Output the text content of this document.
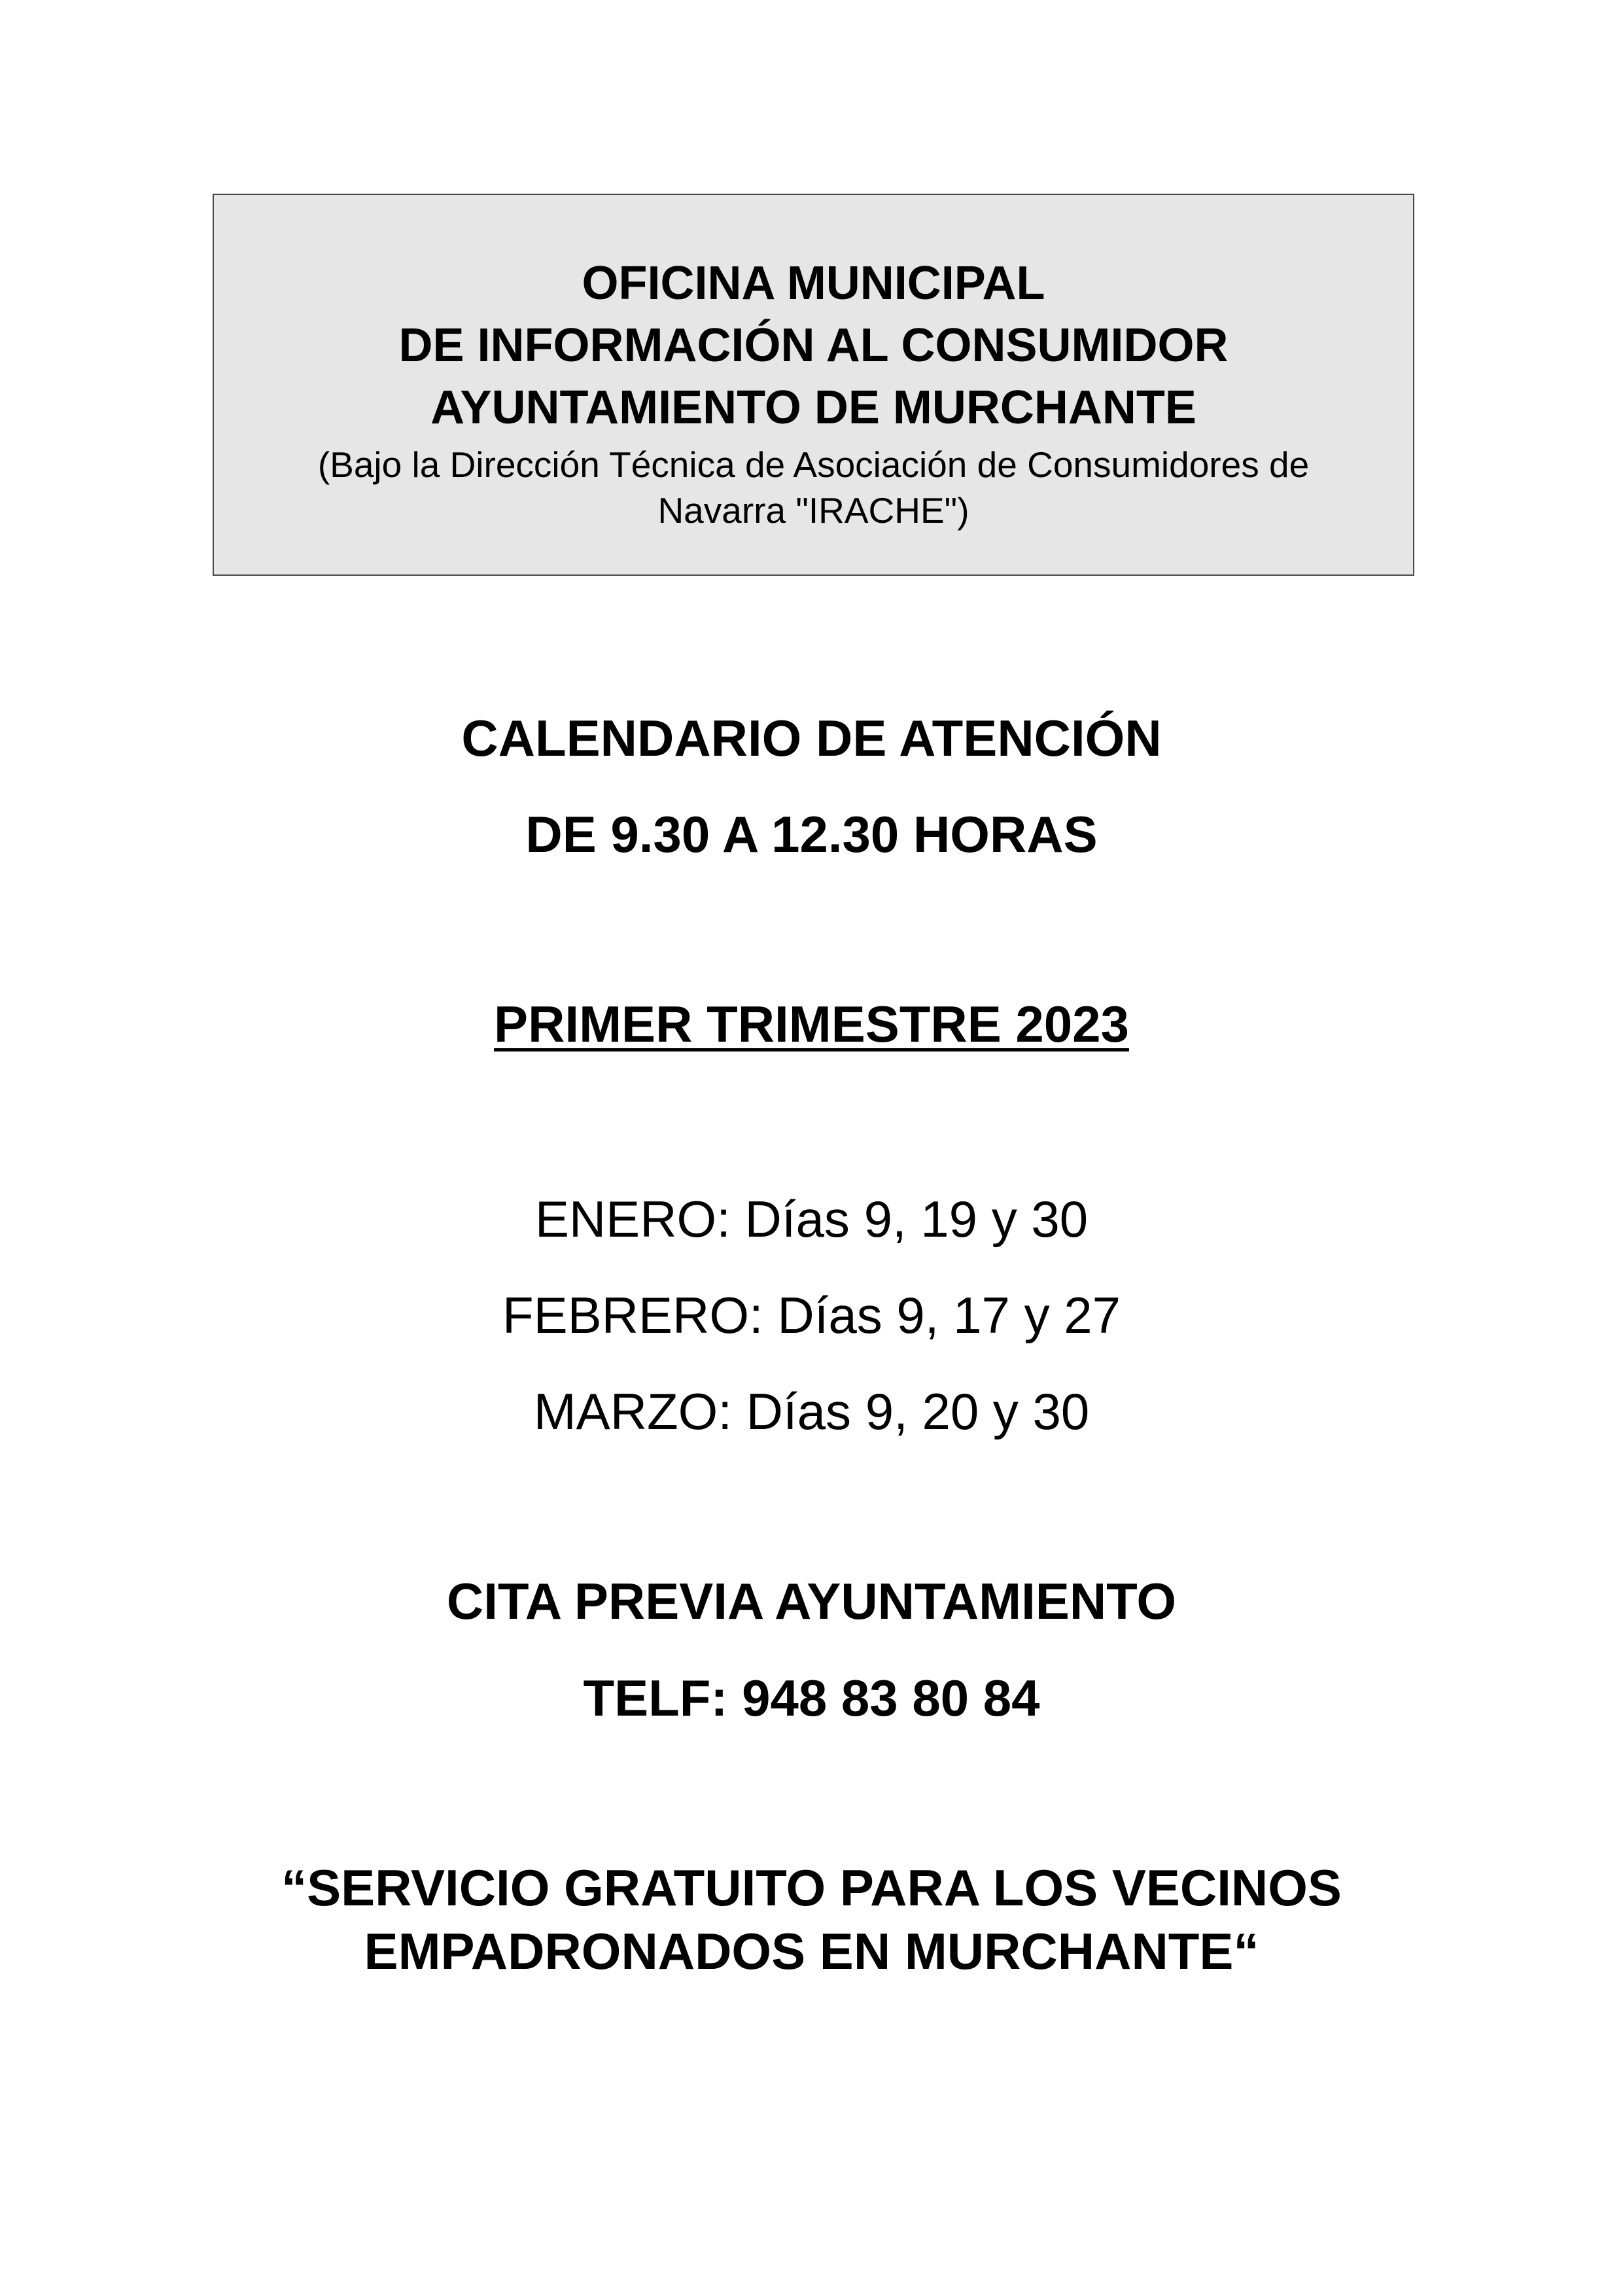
OFICINA MUNICIPAL
DE INFORMACIÓN AL CONSUMIDOR
AYUNTAMIENTO DE MURCHANTE
(Bajo la Dirección Técnica de Asociación de Consumidores de
Navarra "IRACHE")
CALENDARIO DE ATENCIÓN
DE 9.30 A 12.30 HORAS
PRIMER TRIMESTRE 2023
ENERO: Días 9, 19 y 30
FEBRERO: Días 9, 17 y 27
MARZO: Días 9, 20 y 30
CITA PREVIA AYUNTAMIENTO
TELF: 948 83 80 84
“SERVICIO GRATUITO PARA LOS VECINOS
EMPADRONADOS EN MURCHANTE“
